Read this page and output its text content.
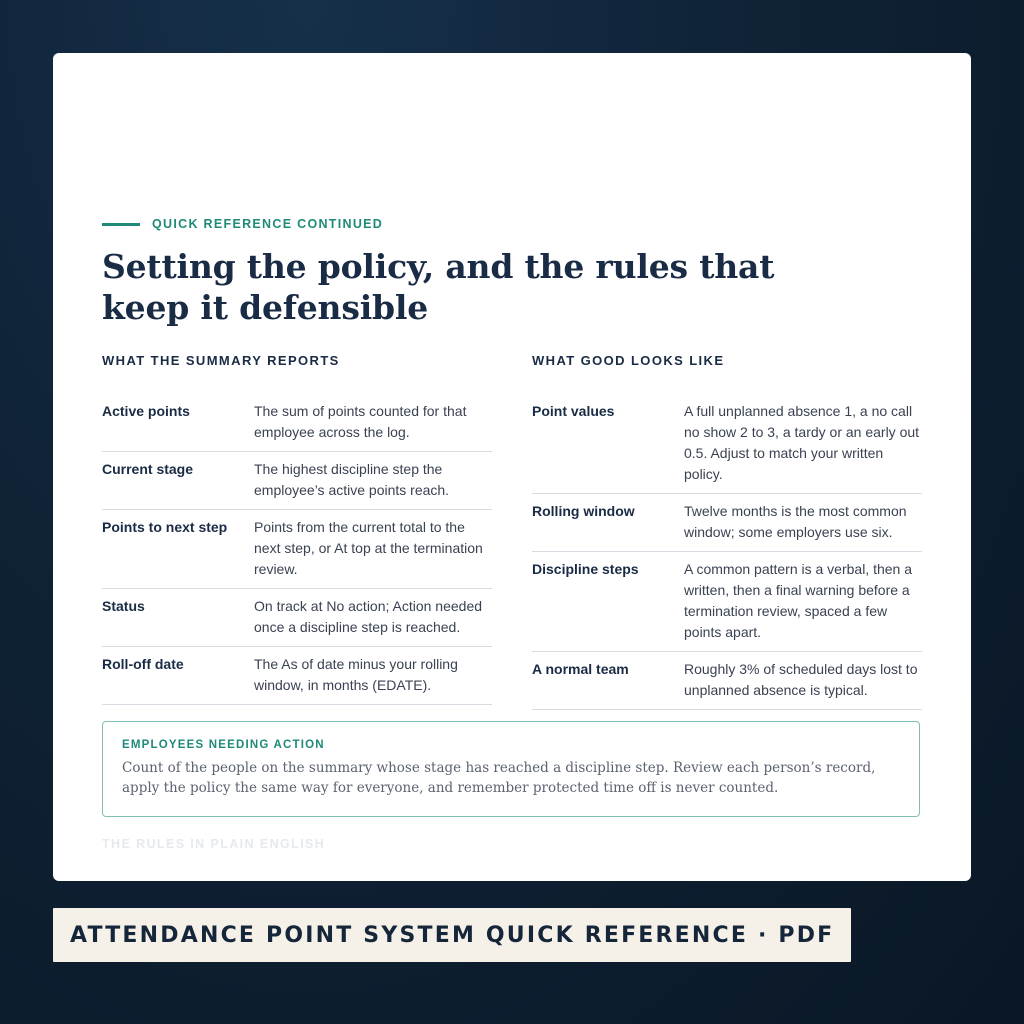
QUICK REFERENCE CONTINUED
Setting the policy, and the rules that keep it defensible
WHAT THE SUMMARY REPORTS
Active points	The sum of points counted for that employee across the log.
Current stage	The highest discipline step the employee’s active points reach.
Points to next step	Points from the current total to the next step, or At top at the termination review.
Status	On track at No action; Action needed once a discipline step is reached.
Roll-off date	The As of date minus your rolling window, in months (EDATE).
WHAT GOOD LOOKS LIKE
Point values	A full unplanned absence 1, a no call no show 2 to 3, a tardy or an early out 0.5. Adjust to match your written policy.
Rolling window	Twelve months is the most common window; some employers use six.
Discipline steps	A common pattern is a verbal, then a written, then a final warning before a termination review, spaced a few points apart.
A normal team	Roughly 3% of scheduled days lost to unplanned absence is typical.
EMPLOYEES NEEDING ACTION
Count of the people on the summary whose stage has reached a discipline step. Review each person’s record, apply the policy the same way for everyone, and remember protected time off is never counted.
THE RULES IN PLAIN ENGLISH
ATTENDANCE POINT SYSTEM QUICK REFERENCE · PDF
